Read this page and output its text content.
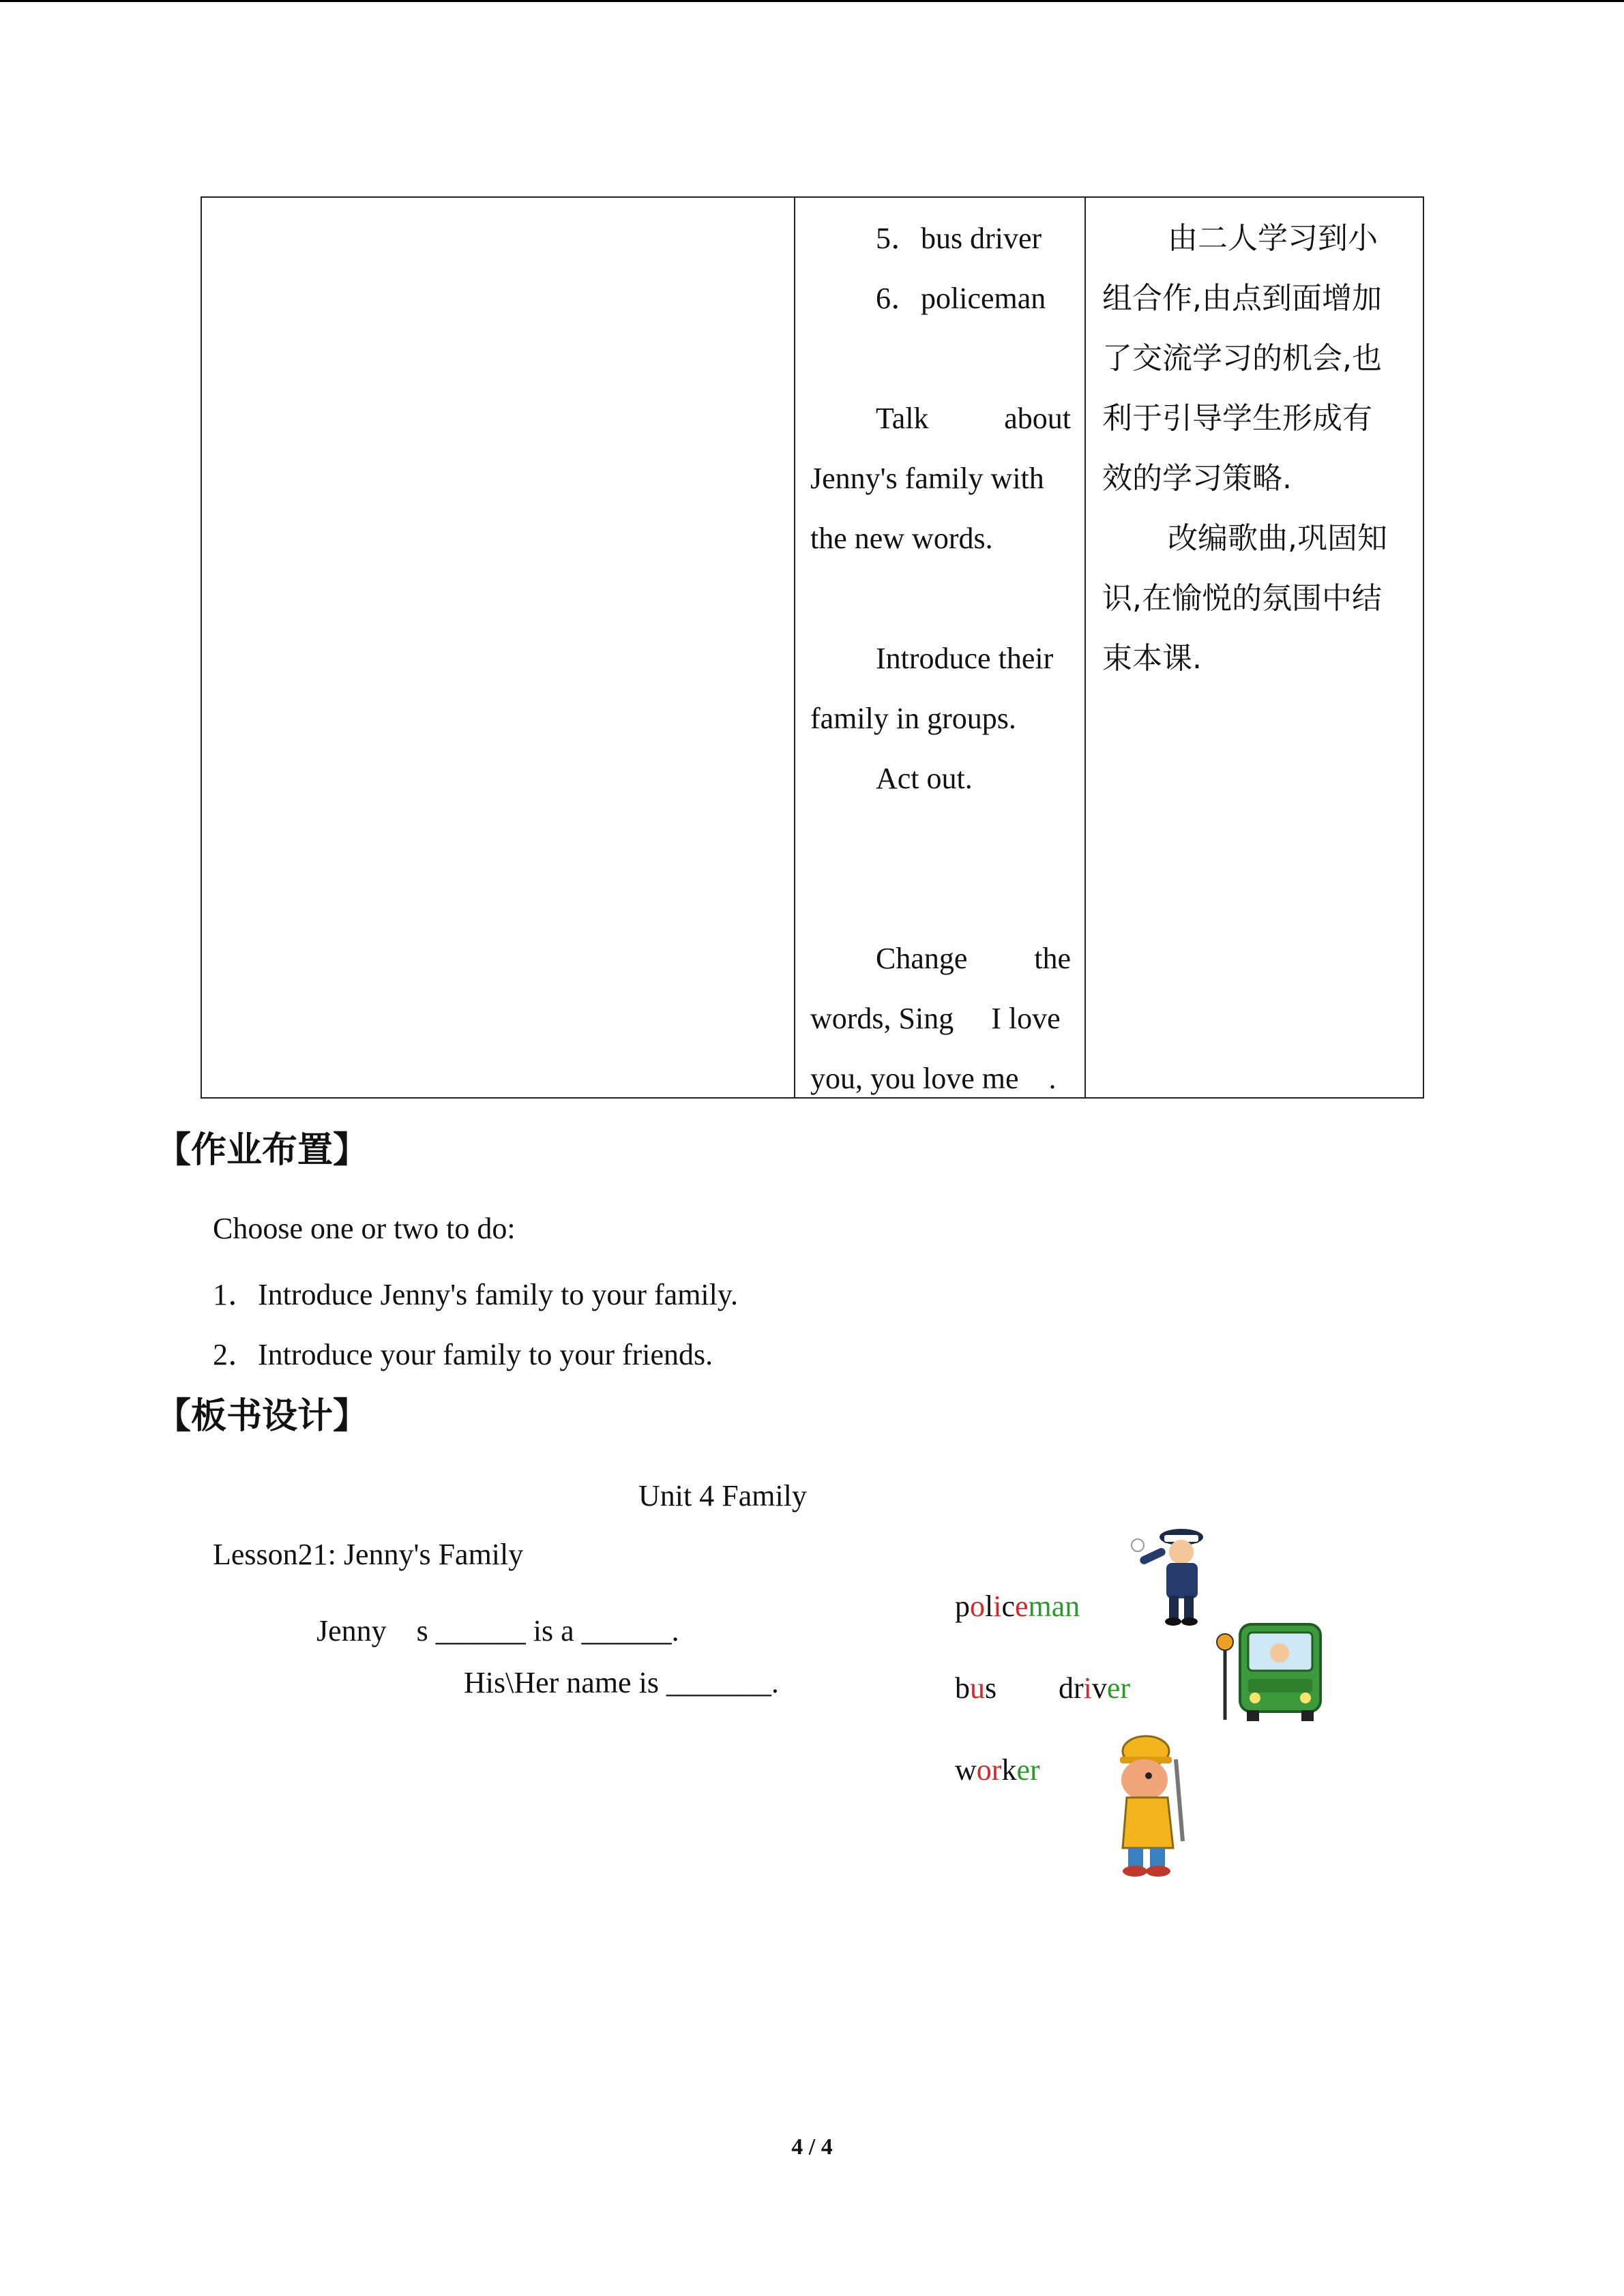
5．bus driver
6．policeman
Talk	about
Jenny's family with
the new words.
Introduce their
family in groups.
Act out.
Change the
words, Sing  I love
you, you love me .
由二人学习到小
组合作,由点到面增加
了交流学习的机会,也
利于引导学生形成有
效的学习策略.
改编歌曲,巩固知
识,在愉悦的氛围中结
束本课.
【作业布置】
Choose one or two to do:
1．Introduce Jenny's family to your family.
2．Introduce your family to your friends.
【板书设计】
Unit 4 Family
Lesson21: Jenny's Family
Jenny s ______ is a ______.
His\Her name is _______.
policeman
bus driver
worker
4 / 4
